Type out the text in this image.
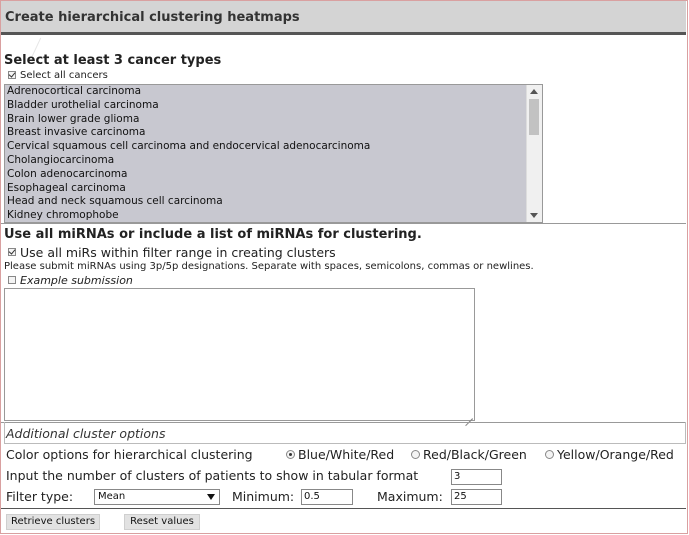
Create hierarchical clustering heatmaps
Select at least 3 cancer types
Select all cancers
Adrenocortical carcinoma
Bladder urothelial carcinoma
Brain lower grade glioma
Breast invasive carcinoma
Cervical squamous cell carcinoma and endocervical adenocarcinoma
Cholangiocarcinoma
Colon adenocarcinoma
Esophageal carcinoma
Head and neck squamous cell carcinoma
Kidney chromophobe
Use all miRNAs or include a list of miRNAs for clustering.
Use all miRs within filter range in creating clusters
Please submit miRNAs using 3p/5p designations. Separate with spaces, semicolons, commas or newlines.
Example submission
Additional cluster options
Color options for hierarchical clustering	Blue/White/Red Red/Black/Green Yellow/Orange/Red
Input the number of clusters of patients to show in tabular format	3
Filter type:	Mean	Minimum: 0.5	Maximum:	25
Retrieve clusters	Reset values
